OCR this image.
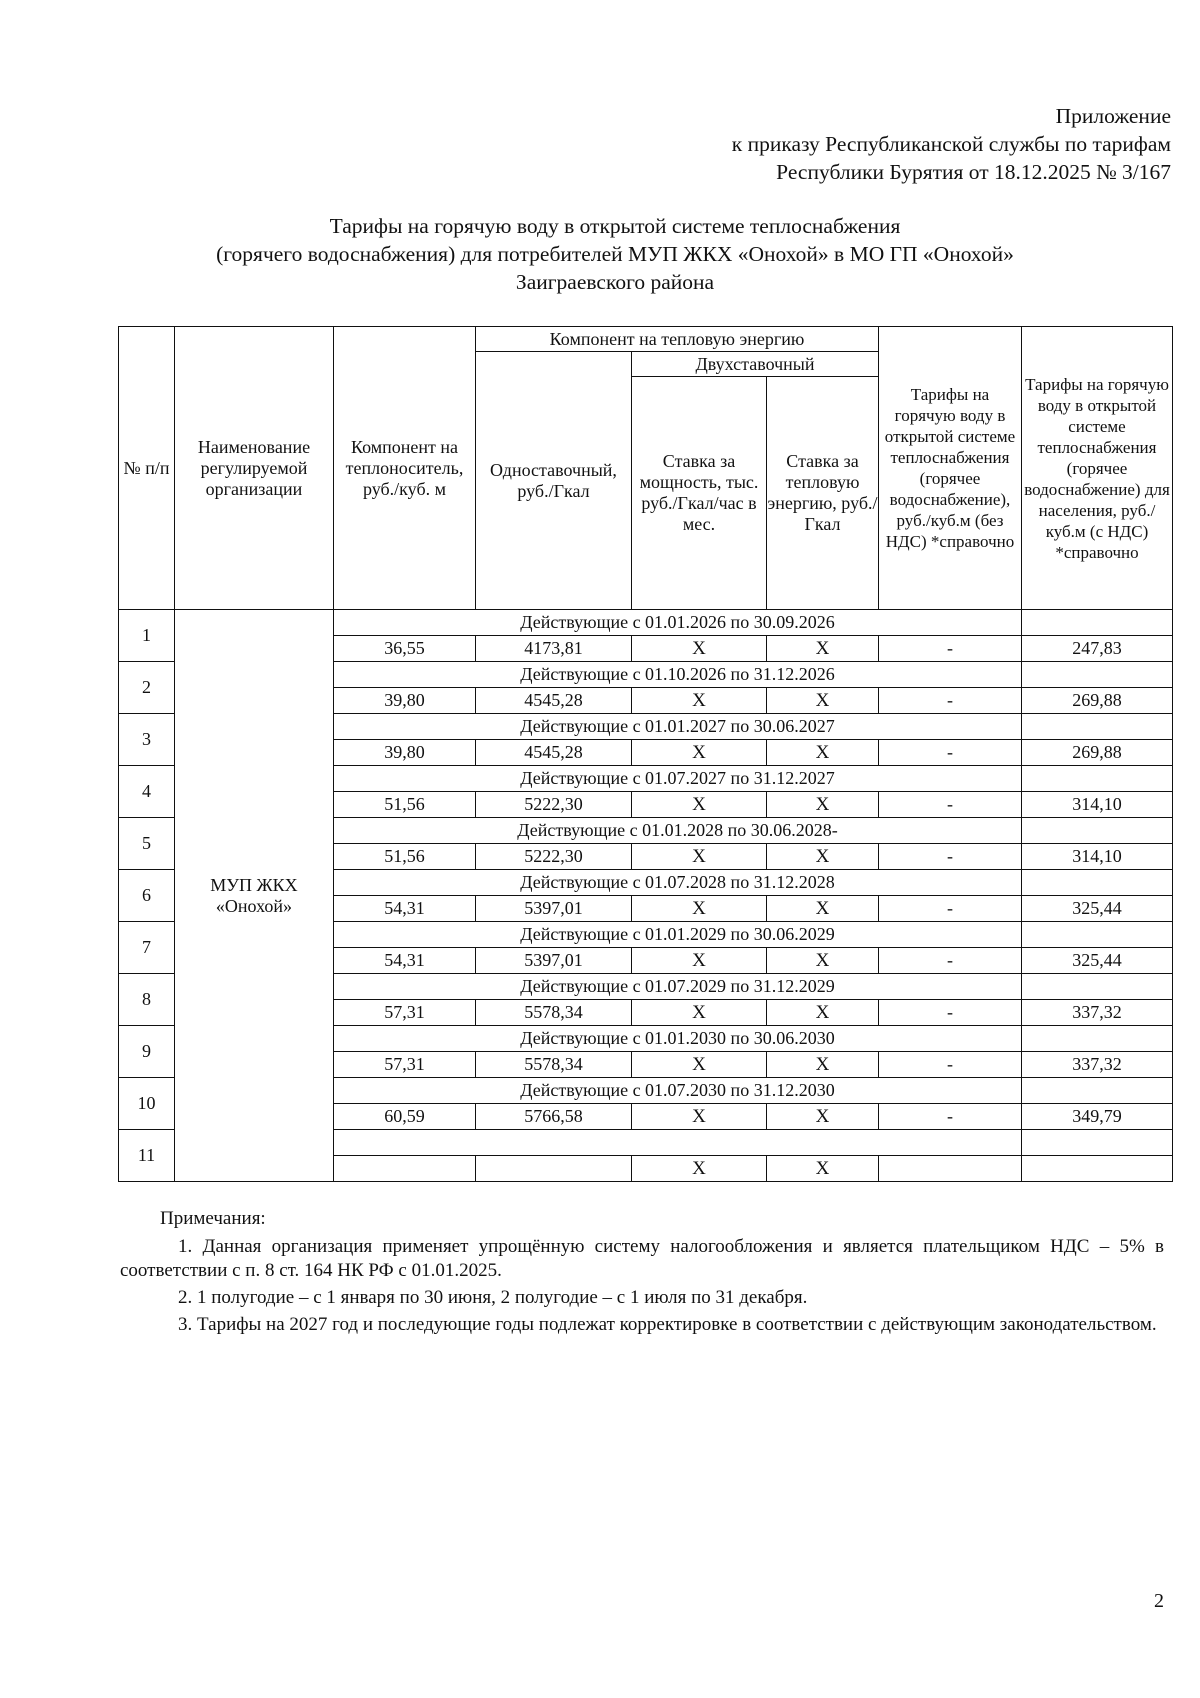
Приложение
к приказу Республиканской службы по тарифам
Республики Бурятия от 18.12.2025 № 3/167
Тарифы на горячую воду в открытой системе теплоснабжения
(горячего водоснабжения) для потребителей МУП ЖКХ «Онохой» в МО ГП «Онохой»
Заиграевского района
№ п/п	Наименование регулируемой организации	Компонент на теплоноситель, руб./куб. м	Компонент на тепловую энергию			Тарифы на горячую воду в открытой системе теплоснабжения (горячее водоснабжение), руб./куб.м (без НДС) *справочно	Тарифы на горячую воду в открытой системе теплоснабжения (горячее водоснабжение) для населения, руб./куб.м (с НДС) *справочно
			Одноставочный, руб./Гкал	Двухставочный			
				Ставка за мощность, тыс. руб./Гкал/час в мес.	Ставка за тепловую энергию, руб./Гкал		
1	МУП ЖКХ «Онохой»	Действующие с 01.01.2026 по 30.09.2026					
		36,55	4173,81	Х	Х	-	247,83
2		Действующие с 01.10.2026 по 31.12.2026					
		39,80	4545,28	Х	Х	-	269,88
3		Действующие с 01.01.2027 по 30.06.2027					
		39,80	4545,28	Х	Х	-	269,88
4		Действующие с 01.07.2027 по 31.12.2027					
		51,56	5222,30	Х	Х	-	314,10
5		Действующие с 01.01.2028 по 30.06.2028-					
		51,56	5222,30	Х	Х	-	314,10
6		Действующие с 01.07.2028 по 31.12.2028					
		54,31	5397,01	Х	Х	-	325,44
7		Действующие с 01.01.2029 по 30.06.2029					
		54,31	5397,01	Х	Х	-	325,44
8		Действующие с 01.07.2029 по 31.12.2029					
		57,31	5578,34	Х	Х	-	337,32
9		Действующие с 01.01.2030 по 30.06.2030					
		57,31	5578,34	Х	Х	-	337,32
10		Действующие с 01.07.2030 по 31.12.2030					
		60,59	5766,58	Х	Х	-	349,79
11							
				Х	Х		
Примечания:
1. Данная организация применяет упрощённую систему налогообложения и является плательщиком НДС – 5% в соответствии с п. 8 ст. 164 НК РФ с 01.01.2025.
2. 1 полугодие – с 1 января по 30 июня, 2 полугодие – с 1 июля по 31 декабря.
3. Тарифы на 2027 год и последующие годы подлежат корректировке в соответствии с действующим законодательством.
2
